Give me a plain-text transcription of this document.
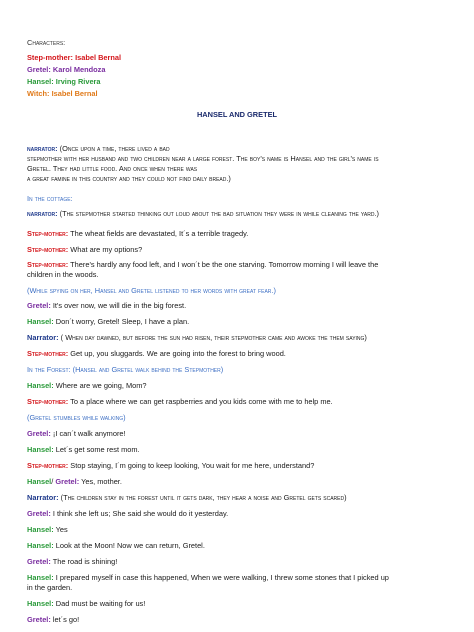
Characters:
Step-mother: Isabel Bernal
Gretel: Karol Mendoza
Hansel: Irving Rivera
Witch: Isabel Bernal
HANSEL AND GRETEL
narrator: (Once upon a time, there lived a bad
stepmother with her husband and two children near a large forest. The boy's name is Hansel and the girl's name is
Gretel. They had little food. And once when there was
a great famine in this country and they could not find daily bread.)
In the cottage:
narrator: (The stepmother started thinking out loud about the bad situation they were in while cleaning the yard.)
Step-mother: The wheat fields are devastated, It´s a terrible tragedy.
Step-mother: What are my options?
Step-mother: There's hardly any food left, and I won´t be the one starving. Tomorrow morning I will leave the
children in the woods.
(While spying on her, Hansel and Gretel listened to her words with great fear.)
Gretel: It's over now, we will die in the big forest.
Hansel: Don´t worry, Gretel! Sleep, I have a plan.
Narrator: ( When day dawned, but before the sun had risen, their stepmother came and awoke the them saying)
Step-mother: Get up, you sluggards. We are going into the forest to bring wood.
In the Forest: (Hansel and Gretel walk behind the Stepmother)
Hansel: Where are we going, Mom?
Step-mother: To a place where we can get raspberries and you kids come with me to help me.
(Gretel stumbles while walking)
Gretel: ¡I can´t walk anymore!
Hansel: Let´s get some rest mom.
Step-mother: Stop staying, I´m going to keep looking, You wait for me here, understand?
Hansel/ Gretel: Yes, mother.
Narrator: (The children stay in the forest until it gets dark, they hear a noise and Gretel gets scared)
Gretel: I think she left us; She said she would do it yesterday.
Hansel: Yes
Hansel: Look at the Moon! Now we can return, Gretel.
Gretel: The road is shining!
Hansel: I prepared myself in case this happened, When we were walking, I threw some stones that I picked up
in the garden.
Hansel: Dad must be waiting for us!
Gretel: let´s go!
